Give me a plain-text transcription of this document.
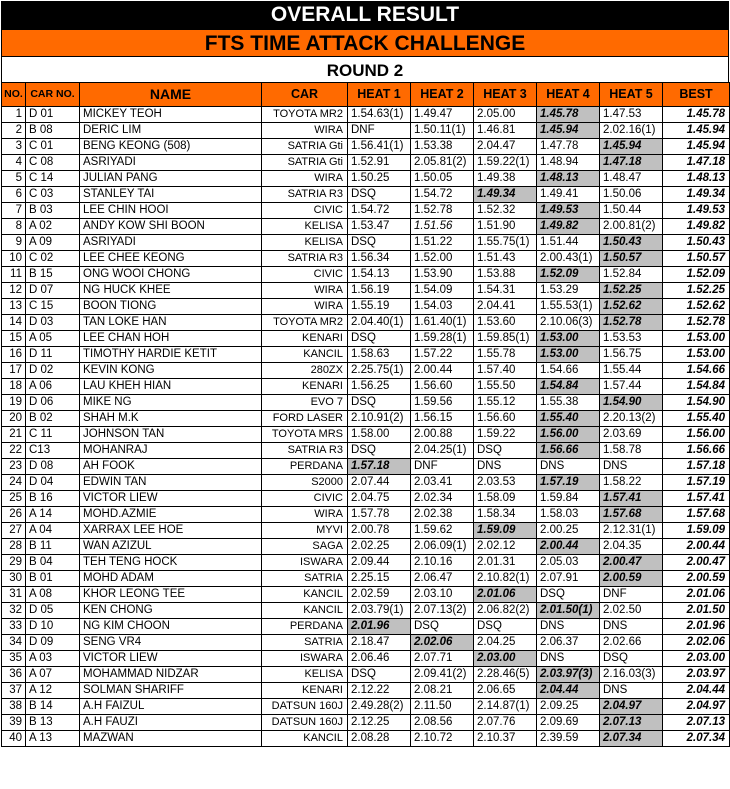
OVERALL RESULT
FTS TIME ATTACK CHALLENGE
ROUND 2
NO.	CAR NO.	NAME	CAR	HEAT 1	HEAT 2	HEAT 3	HEAT 4	HEAT 5	BEST
1	D 01	MICKEY TEOH	TOYOTA MR2	1.54.63(1)	1.49.47	2.05.00	1.45.78	1.47.53	1.45.78
2	B 08	DERIC LIM	WIRA	DNF	1.50.11(1)	1.46.81	1.45.94	2.02.16(1)	1.45.94
3	C 01	BENG KEONG (508)	SATRIA Gti	1.56.41(1)	1.53.38	2.04.47	1.47.78	1.45.94	1.45.94
4	C 08	ASRIYADI	SATRIA Gti	1.52.91	2.05.81(2)	1.59.22(1)	1.48.94	1.47.18	1.47.18
5	C 14	JULIAN PANG	WIRA	1.50.25	1.50.05	1.49.38	1.48.13	1.48.47	1.48.13
6	C 03	STANLEY TAI	SATRIA R3	DSQ	1.54.72	1.49.34	1.49.41	1.50.06	1.49.34
7	B 03	LEE CHIN HOOI	CIVIC	1.54.72	1.52.78	1.52.32	1.49.53	1.50.44	1.49.53
8	A 02	ANDY KOW SHI BOON	KELISA	1.53.47	1.51.56	1.51.90	1.49.82	2.00.81(2)	1.49.82
9	A 09	ASRIYADI	KELISA	DSQ	1.51.22	1.55.75(1)	1.51.44	1.50.43	1.50.43
10	C 02	LEE CHEE KEONG	SATRIA R3	1.56.34	1.52.00	1.51.43	2.00.43(1)	1.50.57	1.50.57
11	B 15	ONG WOOI CHONG	CIVIC	1.54.13	1.53.90	1.53.88	1.52.09	1.52.84	1.52.09
12	D 07	NG HUCK KHEE	WIRA	1.56.19	1.54.09	1.54.31	1.53.29	1.52.25	1.52.25
13	C 15	BOON TIONG	WIRA	1.55.19	1.54.03	2.04.41	1.55.53(1)	1.52.62	1.52.62
14	D 03	TAN LOKE HAN	TOYOTA MR2	2.04.40(1)	1.61.40(1)	1.53.60	2.10.06(3)	1.52.78	1.52.78
15	A 05	LEE CHAN HOH	KENARI	DSQ	1.59.28(1)	1.59.85(1)	1.53.00	1.53.53	1.53.00
16	D 11	TIMOTHY HARDIE KETIT	KANCIL	1.58.63	1.57.22	1.55.78	1.53.00	1.56.75	1.53.00
17	D 02	KEVIN KONG	280ZX	2.25.75(1)	2.00.44	1.57.40	1.54.66	1.55.44	1.54.66
18	A 06	LAU KHEH HIAN	KENARI	1.56.25	1.56.60	1.55.50	1.54.84	1.57.44	1.54.84
19	D 06	MIKE NG	EVO 7	DSQ	1.59.56	1.55.12	1.55.38	1.54.90	1.54.90
20	B 02	SHAH M.K	FORD LASER	2.10.91(2)	1.56.15	1.56.60	1.55.40	2.20.13(2)	1.55.40
21	C 11	JOHNSON TAN	TOYOTA MRS	1.58.00	2.00.88	1.59.22	1.56.00	2.03.69	1.56.00
22	C13	MOHANRAJ	SATRIA R3	DSQ	2.04.25(1)	DSQ	1.56.66	1.58.78	1.56.66
23	D 08	AH FOOK	PERDANA	1.57.18	DNF	DNS	DNS	DNS	1.57.18
24	D 04	EDWIN TAN	S2000	2.07.44	2.03.41	2.03.53	1.57.19	1.58.22	1.57.19
25	B 16	VICTOR LIEW	CIVIC	2.04.75	2.02.34	1.58.09	1.59.84	1.57.41	1.57.41
26	A 14	MOHD.AZMIE	WIRA	1.57.78	2.02.38	1.58.34	1.58.03	1.57.68	1.57.68
27	A 04	XARRAX LEE HOE	MYVI	2.00.78	1.59.62	1.59.09	2.00.25	2.12.31(1)	1.59.09
28	B 11	WAN AZIZUL	SAGA	2.02.25	2.06.09(1)	2.02.12	2.00.44	2.04.35	2.00.44
29	B 04	TEH TENG HOCK	ISWARA	2.09.44	2.10.16	2.01.31	2.05.03	2.00.47	2.00.47
30	B 01	MOHD ADAM	SATRIA	2.25.15	2.06.47	2.10.82(1)	2.07.91	2.00.59	2.00.59
31	A 08	KHOR LEONG TEE	KANCIL	2.02.59	2.03.10	2.01.06	DSQ	DNF	2.01.06
32	D 05	KEN CHONG	KANCIL	2.03.79(1)	2.07.13(2)	2.06.82(2)	2.01.50(1)	2.02.50	2.01.50
33	D 10	NG KIM CHOON	PERDANA	2.01.96	DSQ	DSQ	DNS	DNS	2.01.96
34	D 09	SENG VR4	SATRIA	2.18.47	2.02.06	2.04.25	2.06.37	2.02.66	2.02.06
35	A 03	VICTOR LIEW	ISWARA	2.06.46	2.07.71	2.03.00	DNS	DSQ	2.03.00
36	A 07	MOHAMMAD NIDZAR	KELISA	DSQ	2.09.41(2)	2.28.46(5)	2.03.97(3)	2.16.03(3)	2.03.97
37	A 12	SOLMAN SHARIFF	KENARI	2.12.22	2.08.21	2.06.65	2.04.44	DNS	2.04.44
38	B 14	A.H FAIZUL	DATSUN 160J	2.49.28(2)	2.11.50	2.14.87(1)	2.09.25	2.04.97	2.04.97
39	B 13	A.H FAUZI	DATSUN 160J	2.12.25	2.08.56	2.07.76	2.09.69	2.07.13	2.07.13
40	A 13	MAZWAN	KANCIL	2.08.28	2.10.72	2.10.37	2.39.59	2.07.34	2.07.34
